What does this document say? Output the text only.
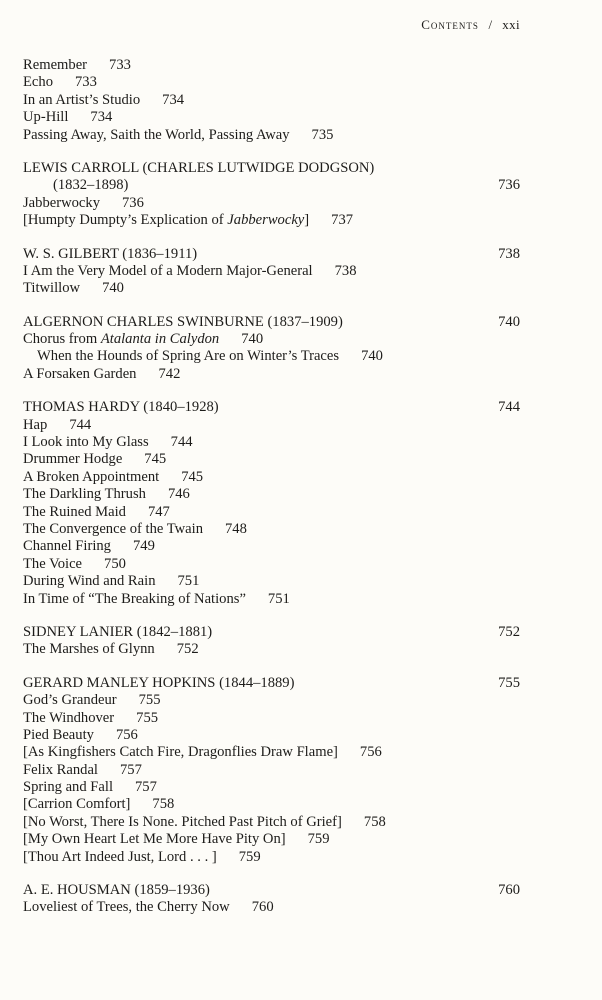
Contents / xxi
Remember 733
Echo 733
In an Artist’s Studio 734
Up-Hill 734
Passing Away, Saith the World, Passing Away 735
LEWIS CARROLL (CHARLES LUTWIDGE DODGSON)
(1832–1898)	736
Jabberwocky 736
[Humpty Dumpty’s Explication of Jabberwocky] 737
W. S. GILBERT (1836–1911)	738
I Am the Very Model of a Modern Major-General 738
Titwillow 740
ALGERNON CHARLES SWINBURNE (1837–1909)	740
Chorus from Atalanta in Calydon 740
When the Hounds of Spring Are on Winter’s Traces 740
A Forsaken Garden 742
THOMAS HARDY (1840–1928)	744
Hap 744
I Look into My Glass 744
Drummer Hodge 745
A Broken Appointment 745
The Darkling Thrush 746
The Ruined Maid 747
The Convergence of the Twain 748
Channel Firing 749
The Voice 750
During Wind and Rain 751
In Time of “The Breaking of Nations” 751
SIDNEY LANIER (1842–1881)	752
The Marshes of Glynn 752
GERARD MANLEY HOPKINS (1844–1889)	755
God’s Grandeur 755
The Windhover 755
Pied Beauty 756
[As Kingfishers Catch Fire, Dragonflies Draw Flame] 756
Felix Randal 757
Spring and Fall 757
[Carrion Comfort] 758
[No Worst, There Is None. Pitched Past Pitch of Grief] 758
[My Own Heart Let Me More Have Pity On] 759
[Thou Art Indeed Just, Lord . . . ] 759
A. E. HOUSMAN (1859–1936)	760
Loveliest of Trees, the Cherry Now 760
